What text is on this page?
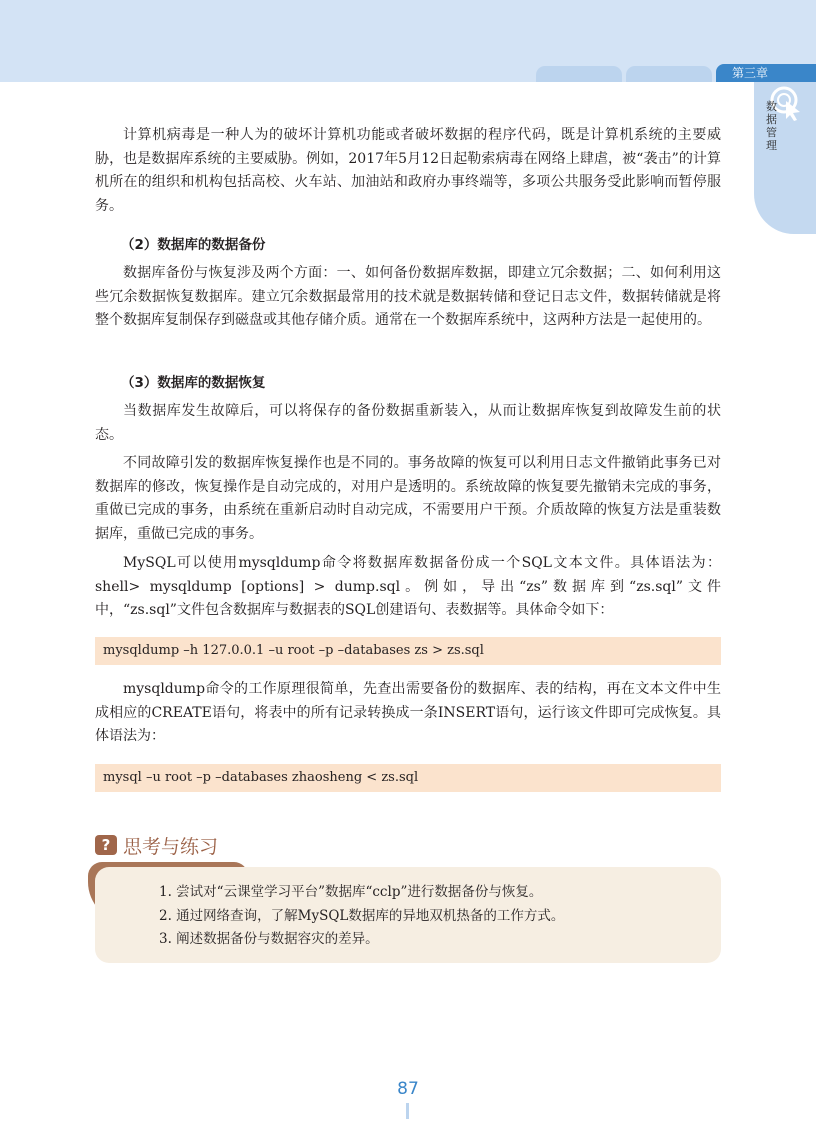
第三章
数据管理

计算机病毒是一种人为的破坏计算机功能或者破坏数据的程序代码，既是计算机系统的主要威胁，也是数据库系统的主要威胁。例如，2017年5月12日起勒索病毒在网络上肆虐，被“袭击”的计算机所在的组织和机构包括高校、火车站、加油站和政府办事终端等，多项公共服务受此影响而暂停服务。

（2）数据库的数据备份

数据库备份与恢复涉及两个方面：一、如何备份数据库数据，即建立冗余数据；二、如何利用这些冗余数据恢复数据库。建立冗余数据最常用的技术就是数据转储和登记日志文件，数据转储就是将整个数据库复制保存到磁盘或其他存储介质。通常在一个数据库系统中，这两种方法是一起使用的。

（3）数据库的数据恢复

当数据库发生故障后，可以将保存的备份数据重新装入，从而让数据库恢复到故障发生前的状态。

不同故障引发的数据库恢复操作也是不同的。事务故障的恢复可以利用日志文件撤销此事务已对数据库的修改，恢复操作是自动完成的，对用户是透明的。系统故障的恢复要先撤销未完成的事务，重做已完成的事务，由系统在重新启动时自动完成，不需要用户干预。介质故障的恢复方法是重装数据库，重做已完成的事务。

MySQL可以使用mysqldump命令将数据库数据备份成一个SQL文本文件。具体语法为：shell> mysqldump [options] > dump.sql。例如，导出“zs”数据库到“zs.sql”文件中，“zs.sql”文件包含数据库与数据表的SQL创建语句、表数据等。具体命令如下：

mysqldump –h 127.0.0.1 –u root –p –databases zs > zs.sql

mysqldump命令的工作原理很简单，先查出需要备份的数据库、表的结构，再在文本文件中生成相应的CREATE语句，将表中的所有记录转换成一条INSERT语句，运行该文件即可完成恢复。具体语法为：

mysql –u root –p –databases zhaosheng < zs.sql
? 思考与练习
1. 尝试对“云课堂学习平台”数据库“cclp”进行数据备份与恢复。
2. 通过网络查询，了解MySQL数据库的异地双机热备的工作方式。
3. 阐述数据备份与数据容灾的差异。
87
